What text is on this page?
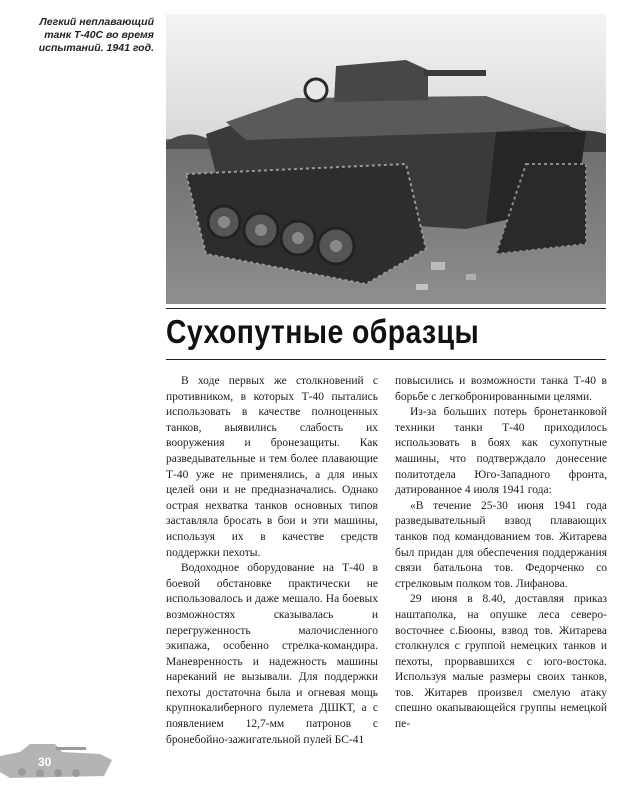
Легкий неплавающий
танк Т-40С во время
испытаний. 1941 год.
Сухопутные образцы

В ходе первых же столкновений с противником, в которых Т-40 пытались использовать в качестве полноценных танков, выявились слабость их вооружения и бронезащиты. Как разведывательные и тем более плавающие Т-40 уже не применялись, а для иных целей они и не предназначались. Однако острая нехватка танков основных типов заставляла бросать в бои и эти машины, используя их в качестве средств поддержки пехоты.

Водоходное оборудование на Т-40 в боевой обстановке практически не использовалось и даже мешало. На боевых возможностях сказывалась и перегруженность малочисленного экипажа, особенно стрелка-командира. Маневренность и надежность машины нареканий не вызывали. Для поддержки пехоты достаточна была и огневая мощь крупнокалиберного пулемета ДШКТ, а с появлением 12,7-мм патронов с бронебойно-зажигательной пулей БС-41

повысились и возможности танка Т-40 в борьбе с легкобронированными целями.

Из-за больших потерь бронетанковой техники танки Т-40 приходилось использовать в боях как сухопутные машины, что подтверждало донесение политотдела Юго-Западного фронта, датированное 4 июля 1941 года:

«В течение 25-30 июня 1941 года разведывательный взвод плавающих танков под командованием тов. Житарева был придан для обеспечения поддержания связи батальона тов. Федорченко со стрелковым полком тов. Лифанова.

29 июня в 8.40, доставляя приказ наштаполка, на опушке леса северо-восточнее с.Бюоны, взвод тов. Житарева столкнулся с группой немецких танков и пехоты, прорвавшихся с юго-востока. Используя малые размеры своих танков, тов. Житарев произвел смелую атаку спешно окапывающейся группы немецкой пе-

30
